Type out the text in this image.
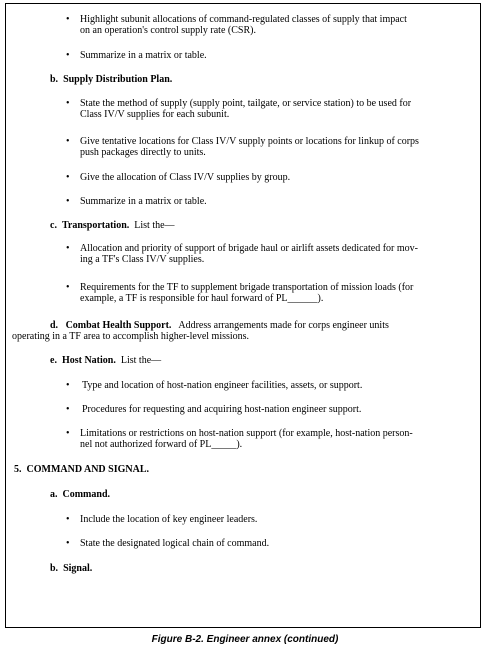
• Highlight subunit allocations of command-regulated classes of supply that impact
on an operation's control supply rate (CSR).
• Summarize in a matrix or table.
b. Supply Distribution Plan.
• State the method of supply (supply point, tailgate, or service station) to be used for
Class IV/V supplies for each subunit.
• Give tentative locations for Class IV/V supply points or locations for linkup of corps
push packages directly to units.
• Give the allocation of Class IV/V supplies by group.
• Summarize in a matrix or table.
c. Transportation. List the—
• Allocation and priority of support of brigade haul or airlift assets dedicated for mov-
ing a TF's Class IV/V supplies.
• Requirements for the TF to supplement brigade transportation of mission loads (for
example, a TF is responsible for haul forward of PL______).
d. Combat Health Support. Address arrangements made for corps engineer units
operating in a TF area to accomplish higher-level missions.
e. Host Nation. List the—
• Type and location of host-nation engineer facilities, assets, or support.
• Procedures for requesting and acquiring host-nation engineer support.
• Limitations or restrictions on host-nation support (for example, host-nation person-
nel not authorized forward of PL_____).
5. COMMAND AND SIGNAL.
a. Command.
• Include the location of key engineer leaders.
• State the designated logical chain of command.
b. Signal.
Figure B-2. Engineer annex (continued)
